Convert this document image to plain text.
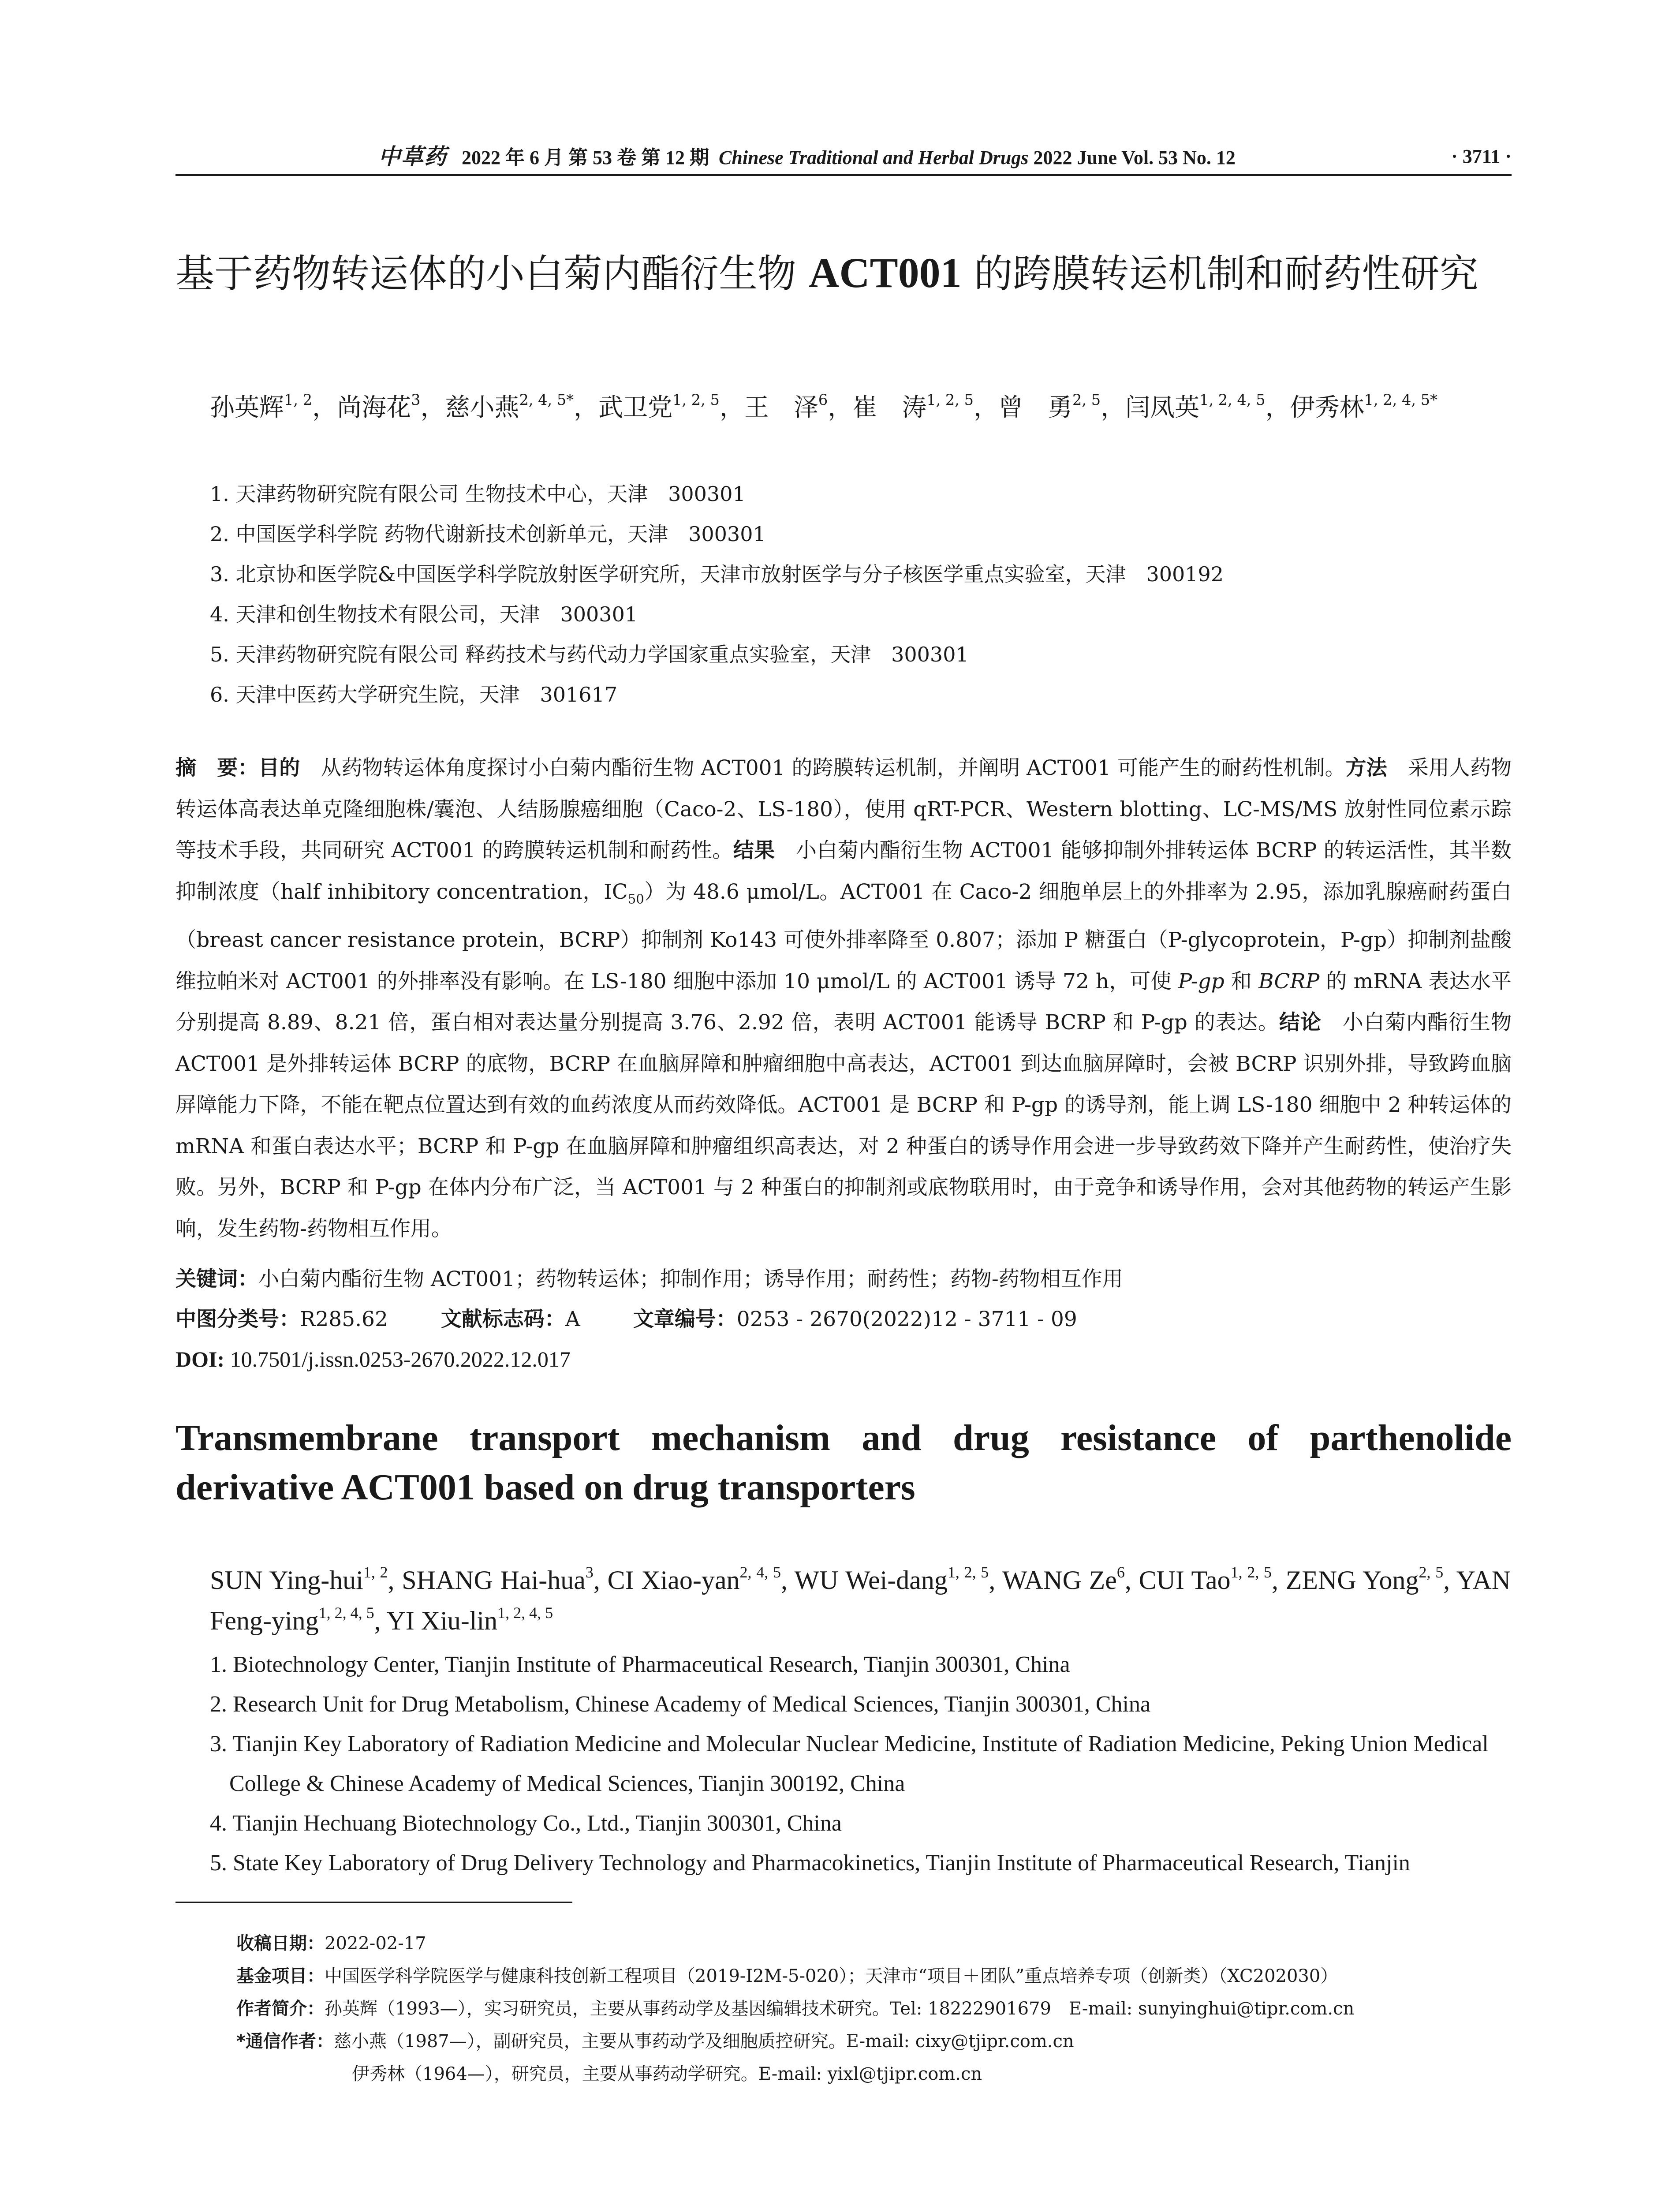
中草药 2022 年 6 月 第 53 卷 第 12 期 Chinese Traditional and Herbal Drugs 2022 June Vol. 53 No. 12	· 3711 ·
基于药物转运体的小白菊内酯衍生物 ACT001 的跨膜转运机制和耐药性研究
孙英辉$^{1, 2}$，尚海花$^3$，慈小燕$^{2, 4, 5*}$，武卫党$^{1, 2, 5}$，王　泽$^6$，崔　涛$^{1, 2, 5}$，曾　勇$^{2, 5}$，闫凤英$^{1, 2, 4, 5}$，伊秀林$^{1, 2, 4, 5*}$
1. 天津药物研究院有限公司 生物技术中心，天津　300301
2. 中国医学科学院 药物代谢新技术创新单元，天津　300301
3. 北京协和医学院&中国医学科学院放射医学研究所，天津市放射医学与分子核医学重点实验室，天津　300192
4. 天津和创生物技术有限公司，天津　300301
5. 天津药物研究院有限公司 释药技术与药代动力学国家重点实验室，天津　300301
6. 天津中医药大学研究生院，天津　301617
摘　要：目的　从药物转运体角度探讨小白菊内酯衍生物 ACT001 的跨膜转运机制，并阐明 ACT001 可能产生的耐药性机制。方法　采用人药物转运体高表达单克隆细胞株/囊泡、人结肠腺癌细胞（Caco-2、LS-180），使用 qRT-PCR、Western blotting、LC-MS/MS 放射性同位素示踪等技术手段，共同研究 ACT001 的跨膜转运机制和耐药性。结果　小白菊内酯衍生物 ACT001 能够抑制外排转运体 BCRP 的转运活性，其半数抑制浓度（half inhibitory concentration，$IC_{50}$）为 48.6 μmol/L。ACT001 在 Caco-2 细胞单层上的外排率为 2.95，添加乳腺癌耐药蛋白（breast cancer resistance protein，BCRP）抑制剂 Ko143 可使外排率降至 0.807；添加 P 糖蛋白（P-glycoprotein，P-gp）抑制剂盐酸维拉帕米对 ACT001 的外排率没有影响。在 LS-180 细胞中添加 10 μmol/L 的 ACT001 诱导 72 h，可使 P-gp 和 BCRP 的 mRNA 表达水平分别提高 8.89、8.21 倍，蛋白相对表达量分别提高 3.76、2.92 倍，表明 ACT001 能诱导 BCRP 和 P-gp 的表达。结论　小白菊内酯衍生物 ACT001 是外排转运体 BCRP 的底物，BCRP 在血脑屏障和肿瘤细胞中高表达，ACT001 到达血脑屏障时，会被 BCRP 识别外排，导致跨血脑屏障能力下降，不能在靶点位置达到有效的血药浓度从而药效降低。ACT001 是 BCRP 和 P-gp 的诱导剂，能上调 LS-180 细胞中 2 种转运体的 mRNA 和蛋白表达水平；BCRP 和 P-gp 在血脑屏障和肿瘤组织高表达，对 2 种蛋白的诱导作用会进一步导致药效下降并产生耐药性，使治疗失败。另外，BCRP 和 P-gp 在体内分布广泛，当 ACT001 与 2 种蛋白的抑制剂或底物联用时，由于竞争和诱导作用，会对其他药物的转运产生影响，发生药物-药物相互作用。
关键词：小白菊内酯衍生物 ACT001；药物转运体；抑制作用；诱导作用；耐药性；药物-药物相互作用
中图分类号：R285.62	文献标志码：A	文章编号：0253 - 2670(2022)12 - 3711 - 09
DOI: 10.7501/j.issn.0253-2670.2022.12.017
Transmembrane transport mechanism and drug resistance of parthenolide derivative ACT001 based on drug transporters
SUN Ying-hui$^{1, 2}$, SHANG Hai-hua$^3$, CI Xiao-yan$^{2, 4, 5}$, WU Wei-dang$^{1, 2, 5}$, WANG Ze$^6$, CUI Tao$^{1, 2, 5}$, ZENG Yong$^{2, 5}$, YAN Feng-ying$^{1, 2, 4, 5}$, YI Xiu-lin$^{1, 2, 4, 5}$
1. Biotechnology Center, Tianjin Institute of Pharmaceutical Research, Tianjin 300301, China
2. Research Unit for Drug Metabolism, Chinese Academy of Medical Sciences, Tianjin 300301, China
3. Tianjin Key Laboratory of Radiation Medicine and Molecular Nuclear Medicine, Institute of Radiation Medicine, Peking Union Medical College & Chinese Academy of Medical Sciences, Tianjin 300192, China
4. Tianjin Hechuang Biotechnology Co., Ltd., Tianjin 300301, China
5. State Key Laboratory of Drug Delivery Technology and Pharmacokinetics, Tianjin Institute of Pharmaceutical Research, Tianjin
收稿日期：2022-02-17
基金项目：中国医学科学院医学与健康科技创新工程项目（2019-I2M-5-020）；天津市“项目＋团队”重点培养专项（创新类）（XC202030）
作者简介：孙英辉（1993—），实习研究员，主要从事药动学及基因编辑技术研究。Tel: 18222901679　E-mail: sunyinghui@tipr.com.cn
*通信作者：慈小燕（1987—），副研究员，主要从事药动学及细胞质控研究。E-mail: cixy@tjipr.com.cn
伊秀林（1964—），研究员，主要从事药动学研究。E-mail: yixl@tjipr.com.cn
